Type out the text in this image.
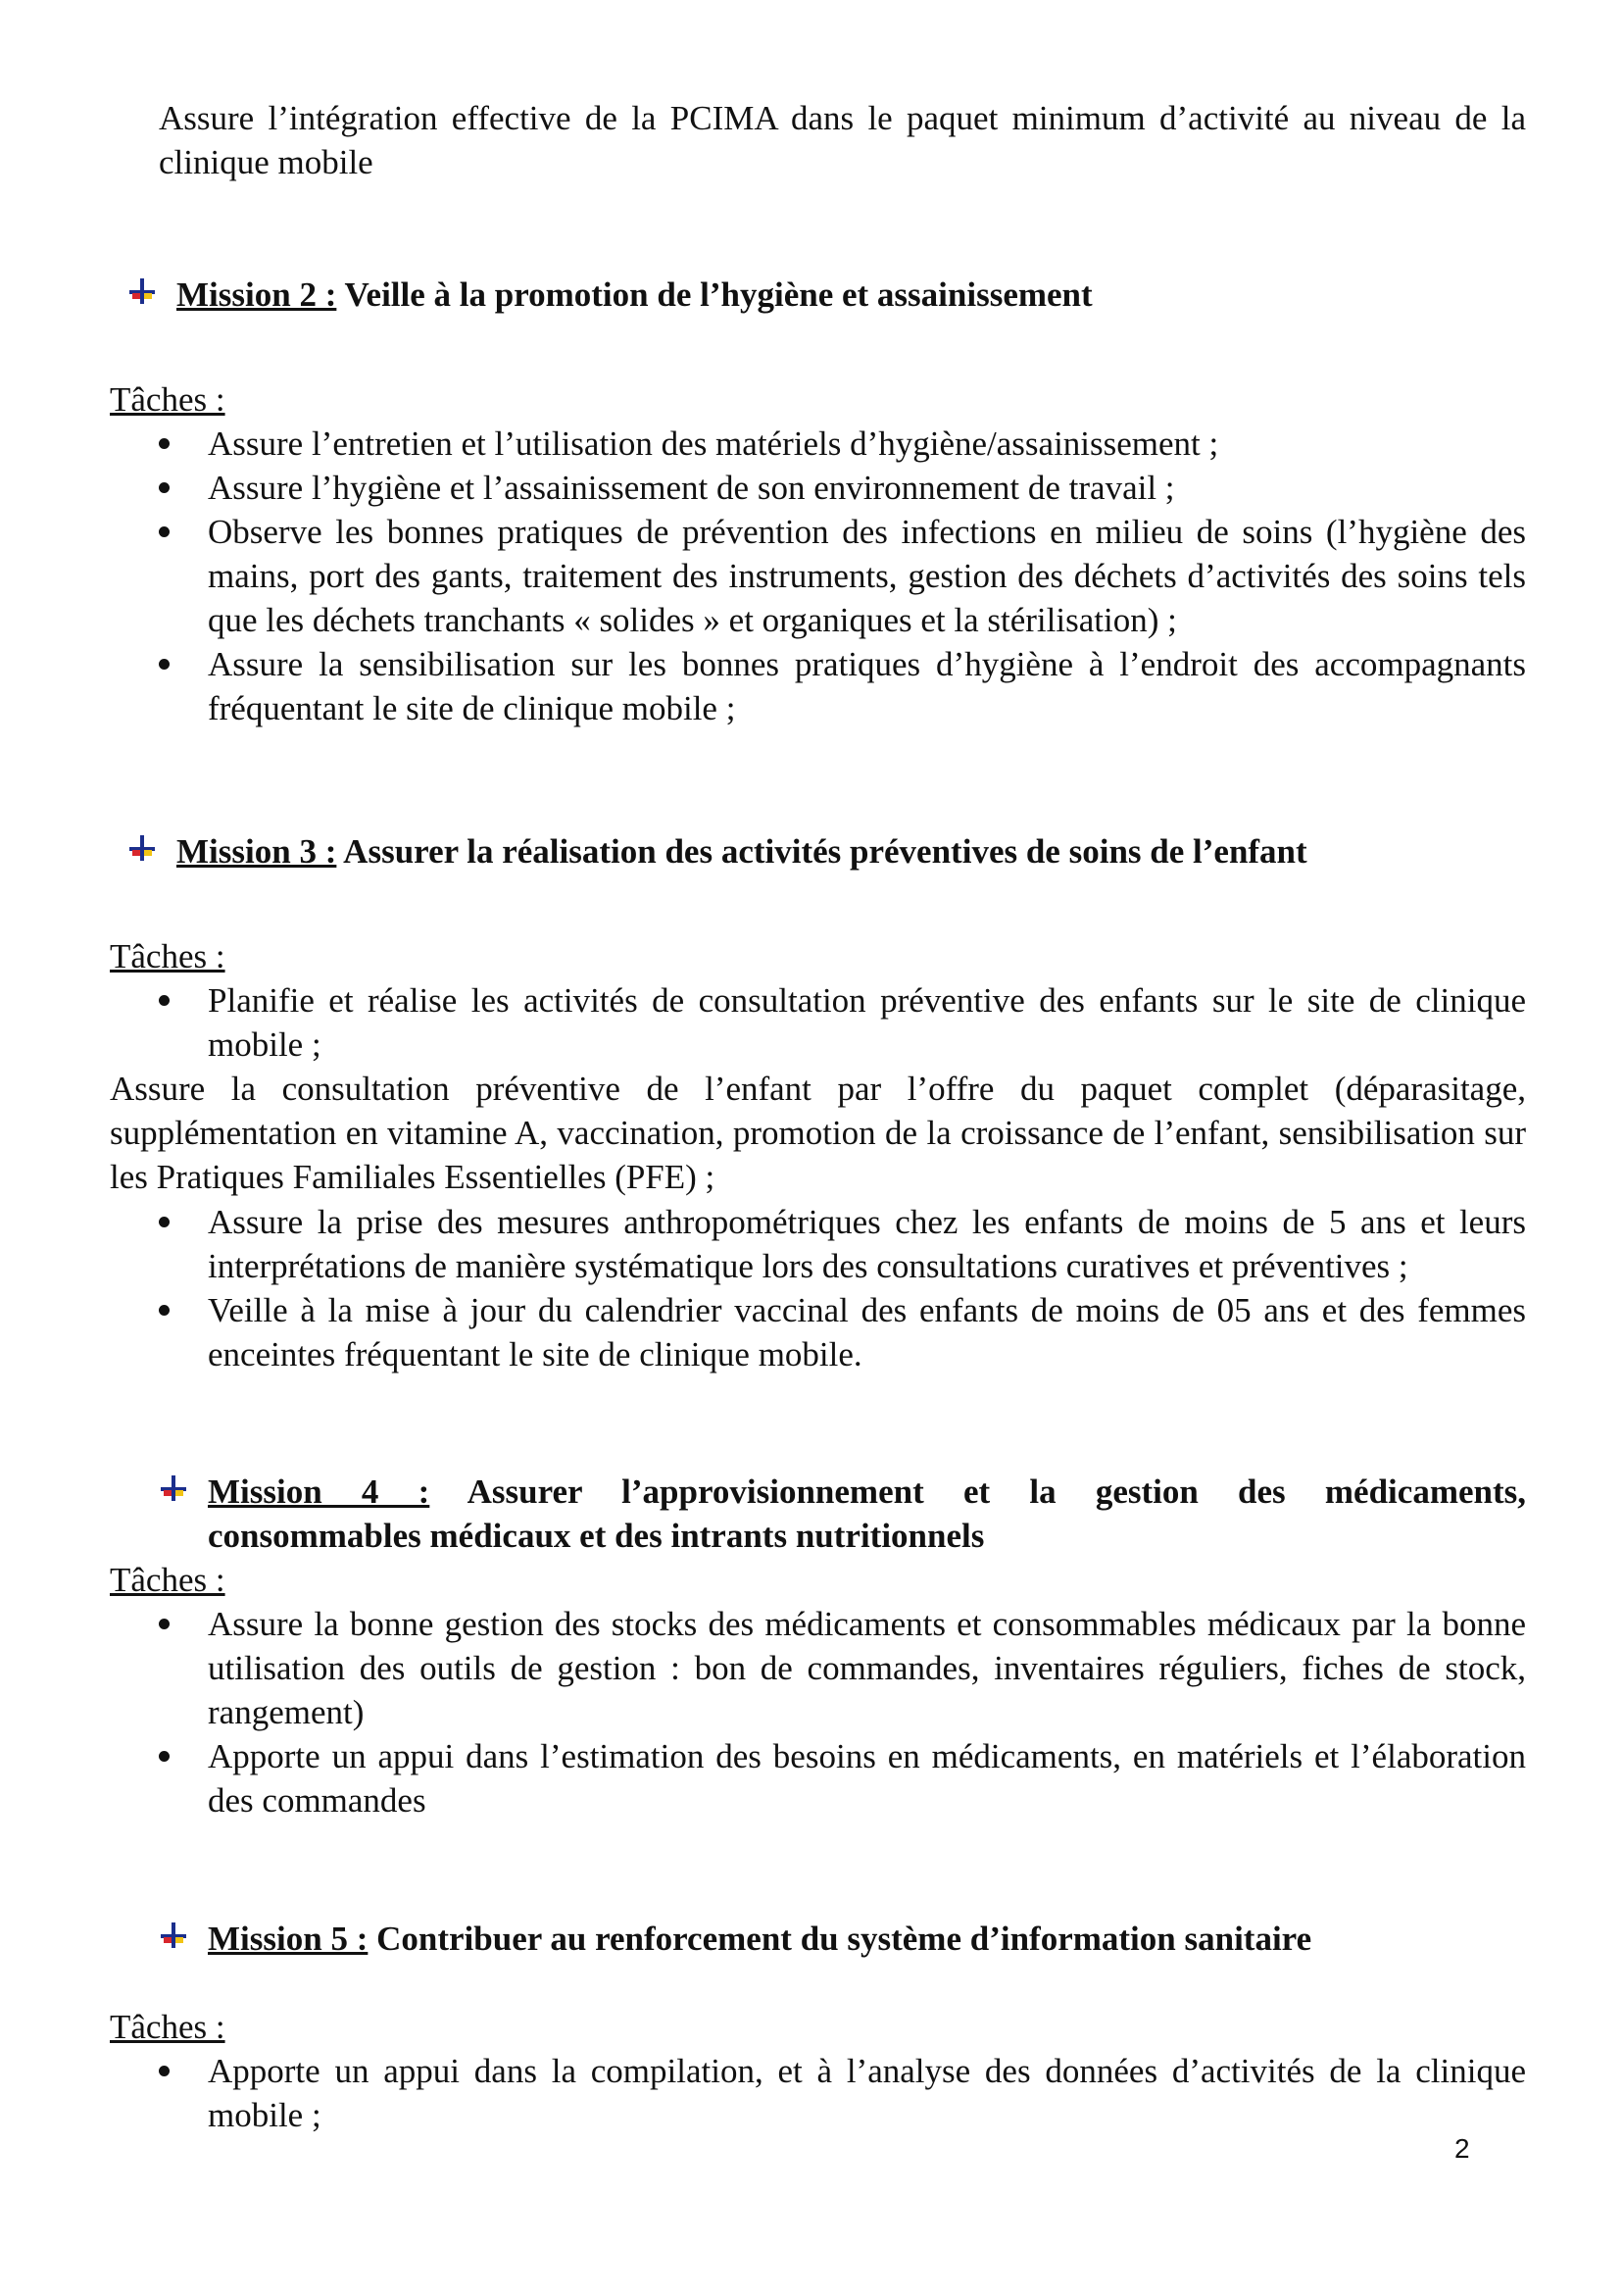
Assure l’intégration effective de la PCIMA dans le paquet minimum d’activité au niveau de la clinique mobile

Mission 2 : Veille à la promotion de l’hygiène et assainissement

Tâches :

Assure l’entretien et l’utilisation des matériels d’hygiène/assainissement ;
Assure l’hygiène et l’assainissement de son environnement de travail ;
Observe les bonnes pratiques de prévention des infections en milieu de soins (l’hygiène des mains, port des gants, traitement des instruments, gestion des déchets d’activités des soins tels que les déchets tranchants « solides » et organiques et la stérilisation) ;
Assure la sensibilisation sur les bonnes pratiques d’hygiène à l’endroit des accompagnants fréquentant le site de clinique mobile ;
Mission 3 : Assurer la réalisation des activités préventives de soins de l’enfant

Tâches :

Planifie et réalise les activités de consultation préventive des enfants sur le site de clinique mobile ;

Assure la consultation préventive de l’enfant par l’offre du paquet complet (déparasitage, supplémentation en vitamine A, vaccination, promotion de la croissance de l’enfant, sensibilisation sur les Pratiques Familiales Essentielles (PFE) ;

Assure la prise des mesures anthropométriques chez les enfants de moins de 5 ans et leurs interprétations de manière systématique lors des consultations curatives et préventives ;
Veille à la mise à jour du calendrier vaccinal des enfants de moins de 05 ans et des femmes enceintes fréquentant le site de clinique mobile.
Mission 4 : Assurer l’approvisionnement et la gestion des médicaments,
consommables médicaux et des intrants nutritionnels

Tâches :

Assure la bonne gestion des stocks des médicaments et consommables médicaux par la bonne utilisation des outils de gestion : bon de commandes, inventaires réguliers, fiches de stock, rangement)
Apporte un appui dans l’estimation des besoins en médicaments, en matériels et l’élaboration des commandes
Mission 5 : Contribuer au renforcement du système d’information sanitaire

Tâches :

Apporte un appui dans la compilation, et à l’analyse des données d’activités de la clinique mobile ;
2
